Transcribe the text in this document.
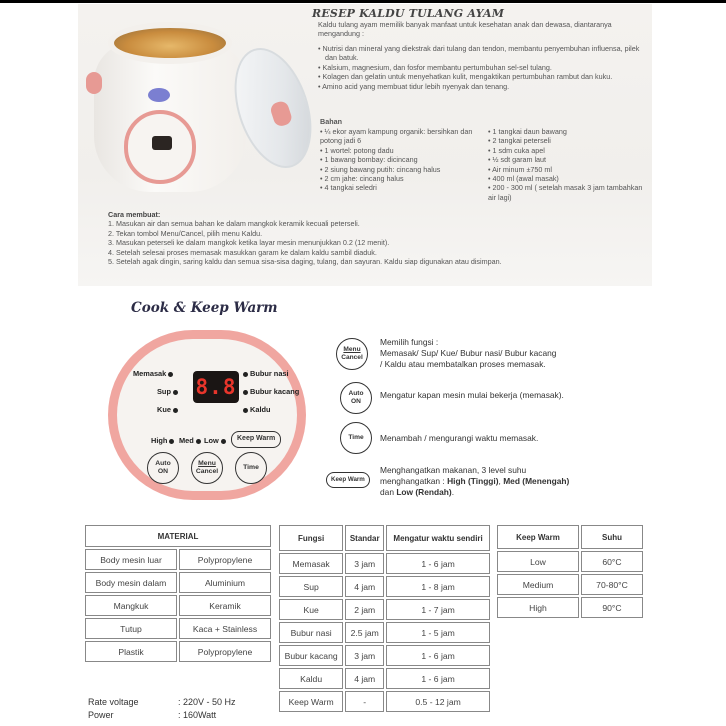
RESEP KALDU TULANG AYAM
Kaldu tulang ayam memilik banyak manfaat untuk kesehatan anak dan dewasa, diantaranya mengandung :
• Nutrisi dan mineral yang diekstrak dari tulang dan tendon, membantu penyembuhan influensa, pilek dan batuk.
• Kalsium, magnesium, dan fosfor membantu pertumbuhan sel-sel tulang.
• Kolagen dan gelatin untuk menyehatkan kulit, mengaktikan pertumbuhan rambut dan kuku.
• Amino acid yang membuat tidur lebih nyenyak dan tenang.
Bahan
• ¼ ekor ayam kampung organik: bersihkan dan potong jadi 6
• 1 wortel: potong dadu
• 1 bawang bombay: dicincang
• 2 siung bawang putih: cincang halus
• 2 cm jahe: cincang halus
• 4 tangkai seledri
• 1 tangkai daun bawang
• 2 tangkai peterseli
• 1 sdm cuka apel
• ½ sdt garam laut
• Air minum ±750 ml
• 400 ml (awal masak)
• 200 - 300 ml ( setelah masak 3 jam tambahkan air lagi)
Cara membuat:
1. Masukan air dan semua bahan ke dalam mangkok keramik kecuali peterseli.
2. Tekan tombol Menu/Cancel, pilih menu Kaldu.
3. Masukan peterseli ke dalam mangkok ketika layar mesin menunjukkan 0.2 (12 menit).
4. Setelah selesai proses memasak masukkan garam ke dalam kaldu sambil diaduk.
5. Setelah agak dingin, saring kaldu dan semua sisa-sisa daging, tulang, dan sayuran. Kaldu siap digunakan atau disimpan.
Cook & Keep Warm
Memasak
Sup
Kue
8.8
Bubur nasi
Bubur kacang
Kaldu
High	Med	Low	Keep Warm
Auto
ON
Menu
Cancel
Time
Menu
Cancel
Memilih fungsi :
Memasak/ Sup/ Kue/ Bubur nasi/ Bubur kacang
/ Kaldu atau membatalkan proses memasak.
Auto
ON
Mengatur kapan mesin mulai bekerja (memasak).
Time	Menambah / mengurangi waktu memasak.
Keep Warm
Menghangatkan makanan, 3 level suhu
menghangatkan : High (Tinggi), Med (Menengah)
dan Low (Rendah).
MATERIAL	
Body mesin luar	Polypropylene
Body mesin dalam	Aluminium
Mangkuk	Keramik
Tutup	Kaca + Stainless
Plastik	Polypropylene
Fungsi	Standar	Mengatur waktu sendiri
Memasak	3 jam	1 - 6 jam
Sup	4 jam	1 - 8 jam
Kue	2 jam	1 - 7 jam
Bubur nasi	2.5 jam	1 - 5 jam
Bubur kacang	3 jam	1 - 6 jam
Kaldu	4 jam	1 - 6 jam
Keep Warm	-	0.5 - 12 jam
Keep Warm	Suhu
Low	60°C
Medium	70-80°C
High	90°C
Rate voltage	: 220V - 50 Hz
Power	: 160Watt
